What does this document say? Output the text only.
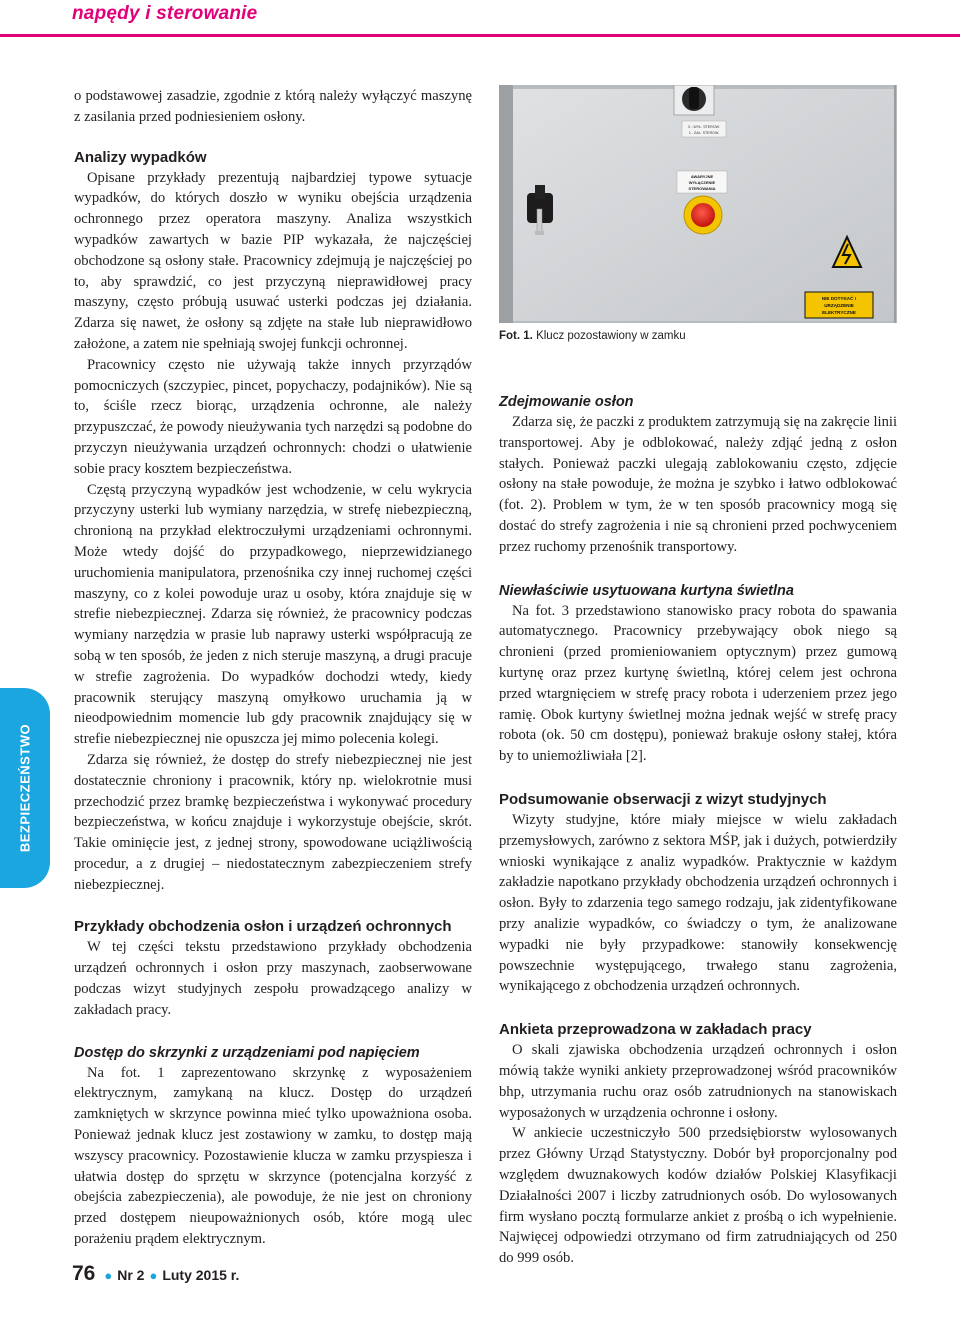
napędy i sterowanie

o podstawowej zasadzie, zgodnie z którą należy wyłączyć maszynę z zasilania przed podniesieniem osłony.

Analizy wypadków

Opisane przykłady prezentują najbardziej typowe sytuacje wypadków, do których doszło w wyniku obejścia urządzenia ochronnego przez operatora maszyny. Analiza wszystkich wypadków zawartych w bazie PIP wykazała, że najczęściej obchodzone są osłony stałe. Pracownicy zdejmują je najczęściej po to, aby sprawdzić, co jest przyczyną nieprawidłowej pracy maszyny, często próbują usuwać usterki podczas jej działania. Zdarza się nawet, że osłony są zdjęte na stałe lub nieprawidłowo założone, a zatem nie spełniają swojej funkcji ochronnej.

Pracownicy często nie używają także innych przyrządów pomocniczych (szczypiec, pincet, popychaczy, podajników). Nie są to, ściśle rzecz biorąc, urządzenia ochronne, ale należy przypuszczać, że powody nieużywania tych narzędzi są podobne do przyczyn nieużywania urządzeń ochronnych: chodzi o ułatwienie sobie pracy kosztem bezpieczeństwa.

Częstą przyczyną wypadków jest wchodzenie, w celu wykrycia przyczyny usterki lub wymiany narzędzia, w strefę niebezpieczną, chronioną na przykład elektroczułymi urządzeniami ochronnymi. Może wtedy dojść do przypadkowego, nieprzewidzianego uruchomienia manipulatora, przenośnika czy innej ruchomej części maszyny, co z kolei powoduje uraz u osoby, która znajduje się w strefie niebezpiecznej. Zdarza się również, że pracownicy podczas wymiany narzędzia w prasie lub naprawy usterki współpracują ze sobą w ten sposób, że jeden z nich steruje maszyną, a drugi pracuje w strefie zagrożenia. Do wypadków dochodzi wtedy, kiedy pracownik sterujący maszyną omyłkowo uruchamia ją w nieodpowiednim momencie lub gdy pracownik znajdujący się w strefie niebezpiecznej nie opuszcza jej mimo polecenia kolegi.

Zdarza się również, że dostęp do strefy niebezpiecznej nie jest dostatecznie chroniony i pracownik, który np. wielokrotnie musi przechodzić przez bramkę bezpieczeństwa i wykonywać procedury bezpieczeństwa, w końcu znajduje i wykorzystuje obejście, skrót. Takie ominięcie jest, z jednej strony, spowodowane uciążliwością procedur, a z drugiej – niedostatecznym zabezpieczeniem strefy niebezpiecznej.

Przykłady obchodzenia osłon i urządzeń ochronnych

W tej części tekstu przedstawiono przykłady obchodzenia urządzeń ochronnych i osłon przy maszynach, zaobserwowane podczas wizyt studyjnych zespołu prowadzącego analizy w zakładach pracy.

Dostęp do skrzynki z urządzeniami pod napięciem

Na fot. 1 zaprezentowano skrzynkę z wyposażeniem elektrycznym, zamykaną na klucz. Dostęp do urządzeń zamkniętych w skrzynce powinna mieć tylko upoważniona osoba. Ponieważ jednak klucz jest zostawiony w zamku, to dostęp mają wszyscy pracownicy. Pozostawienie klucza w zamku przyspiesza i ułatwia dostęp do sprzętu w skrzynce (potencjalna korzyść z obejścia zabezpieczenia), ale powoduje, że nie jest on chroniony przed dostępem nieupoważnionych osób, które mogą ulec porażeniu prądem elektrycznym.

0 - WYŁ. STEROW.
1 - ZAŁ. STEROW.
AWARYJNE
WYŁĄCZENIE
STEROWANIA
NIE DOTYKAĆ !
URZĄDZENIE
ELEKTRYCZNE
Fot. 1. Klucz pozostawiony w zamku
Zdejmowanie osłon

Zdarza się, że paczki z produktem zatrzymują się na zakręcie linii transportowej. Aby je odblokować, należy zdjąć jedną z osłon stałych. Ponieważ paczki ulegają zablokowaniu często, zdjęcie osłony na stałe powoduje, że można je szybko i łatwo odblokować (fot. 2). Problem w tym, że w ten sposób pracownicy mogą się dostać do strefy zagrożenia i nie są chronieni przed pochwyceniem przez ruchomy przenośnik transportowy.

Niewłaściwie usytuowana kurtyna świetlna

Na fot. 3 przedstawiono stanowisko pracy robota do spawania automatycznego. Pracownicy przebywający obok niego są chronieni (przed promieniowaniem optycznym) przez gumową kurtynę oraz przez kurtynę świetlną, której celem jest ochrona przed wtargnięciem w strefę pracy robota i uderzeniem przez jego ramię. Obok kurtyny świetlnej można jednak wejść w strefę pracy robota (ok. 50 cm dostępu), ponieważ brakuje osłony stałej, która by to uniemożliwiała [2].

Podsumowanie obserwacji z wizyt studyjnych

Wizyty studyjne, które miały miejsce w wielu zakładach przemysłowych, zarówno z sektora MŚP, jak i dużych, potwierdziły wnioski wynikające z analiz wypadków. Praktycznie w każdym zakładzie napotkano przykłady obchodzenia urządzeń ochronnych i osłon. Były to zdarzenia tego samego rodzaju, jak zidentyfikowane przy analizie wypadków, co świadczy o tym, że analizowane wypadki nie były przypadkowe: stanowiły konsekwencję powszechnie występującego, trwałego stanu zagrożenia, wynikającego z obchodzenia urządzeń ochronnych.

Ankieta przeprowadzona w zakładach pracy

O skali zjawiska obchodzenia urządzeń ochronnych i osłon mówią także wyniki ankiety przeprowadzonej wśród pracowników bhp, utrzymania ruchu oraz osób zatrudnionych na stanowiskach wyposażonych w urządzenia ochronne i osłony.

W ankiecie uczestniczyło 500 przedsiębiorstw wylosowanych przez Główny Urząd Statystyczny. Dobór był proporcjonalny pod względem dwuznakowych kodów działów Polskiej Klasyfikacji Działalności 2007 i liczby zatrudnionych osób. Do wylosowanych firm wysłano pocztą formularze ankiet z prośbą o ich wypełnienie. Najwięcej odpowiedzi otrzymano od firm zatrudniających od 250 do 999 osób.

BEZPIECZEŃSTWO
76 ● Nr 2 ● Luty 2015 r.
